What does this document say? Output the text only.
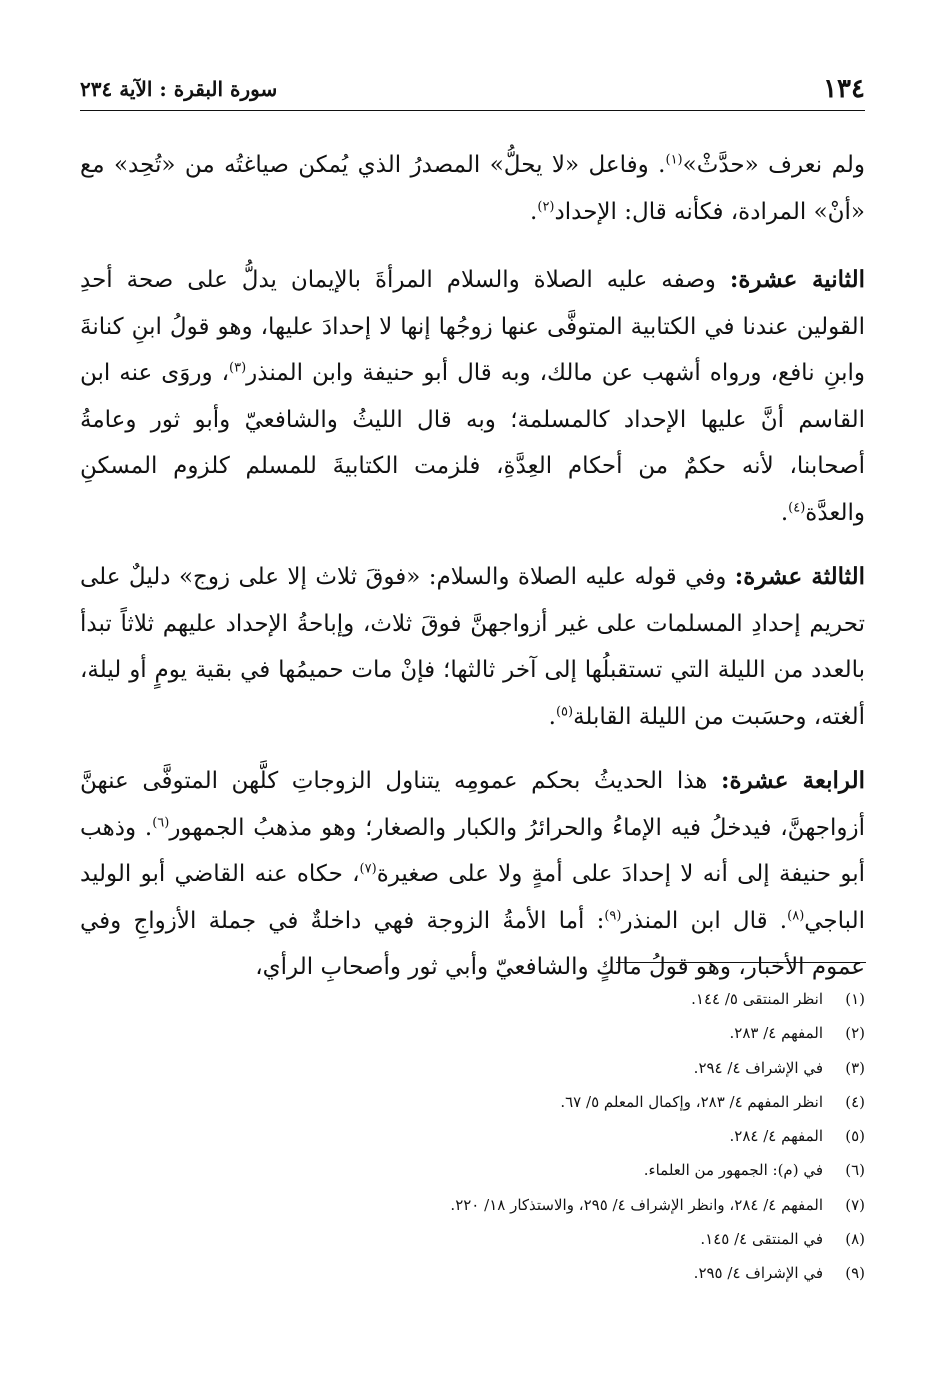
١٣٤
سورة البقرة : الآية ٢٣٤

ولم نعرف «حدَّثْ»$^{(١)}$. وفاعل «لا يحلُّ» المصدرُ الذي يُمكن صياغتُه من «تُحِد» مع «أنْ» المرادة، فكأنه قال: الإحداد$^{(٢)}$.

الثانية عشرة: وصفه عليه الصلاة والسلام المرأةَ بالإيمان يدلُّ على صحة أحدِ القولين عندنا في الكتابية المتوفَّى عنها زوجُها إنها لا إحدادَ عليها، وهو قولُ ابنِ كنانةَ وابنِ نافع، ورواه أشهب عن مالك، وبه قال أبو حنيفة وابن المنذر$^{(٣)}$، وروَى عنه ابن القاسم أنَّ عليها الإحداد كالمسلمة؛ وبه قال الليثُ والشافعيّ وأبو ثور وعامةُ أصحابنا، لأنه حكمٌ من أحكام العِدَّةِ، فلزمت الكتابيةَ للمسلم كلزوم المسكنِ والعدَّة$^{(٤)}$.

الثالثة عشرة: وفي قوله عليه الصلاة والسلام: «فوقَ ثلاث إلا على زوج» دليلٌ على تحريم إحدادِ المسلمات على غير أزواجهنَّ فوقَ ثلاث، وإباحةُ الإحداد عليهم ثلاثاً تبدأ بالعدد من الليلة التي تستقبلُها إلى آخر ثالثها؛ فإنْ مات حميمُها في بقية يومٍ أو ليلة، ألغته، وحسَبت من الليلة القابلة$^{(٥)}$.

الرابعة عشرة: هذا الحديثُ بحكم عمومِه يتناول الزوجاتِ كلَّهن المتوفَّى عنهنَّ أزواجهنَّ، فيدخلُ فيه الإماءُ والحرائرُ والكبار والصغار؛ وهو مذهبُ الجمهور$^{(٦)}$. وذهب أبو حنيفة إلى أنه لا إحدادَ على أمةٍ ولا على صغيرة$^{(٧)}$، حكاه عنه القاضي أبو الوليد الباجي$^{(٨)}$. قال ابن المنذر$^{(٩)}$: أما الأمةُ الزوجة فهي داخلةٌ في جملة الأزواجِ وفي عموم الأخبار، وهو قولُ مالكٍ والشافعيّ وأبي ثور وأصحابِ الرأي،

(١)
انظر المنتقى ٥/ ١٤٤.
(٢)
المفهم ٤/ ٢٨٣.
(٣)
في الإشراف ٤/ ٢٩٤.
(٤)
انظر المفهم ٤/ ٢٨٣، وإكمال المعلم ٥/ ٦٧.
(٥)
المفهم ٤/ ٢٨٤.
(٦)
في (م): الجمهور من العلماء.
(٧)
المفهم ٤/ ٢٨٤، وانظر الإشراف ٤/ ٢٩٥، والاستذكار ١٨/ ٢٢٠.
(٨)
في المنتقى ٤/ ١٤٥.
(٩)
في الإشراف ٤/ ٢٩٥.
